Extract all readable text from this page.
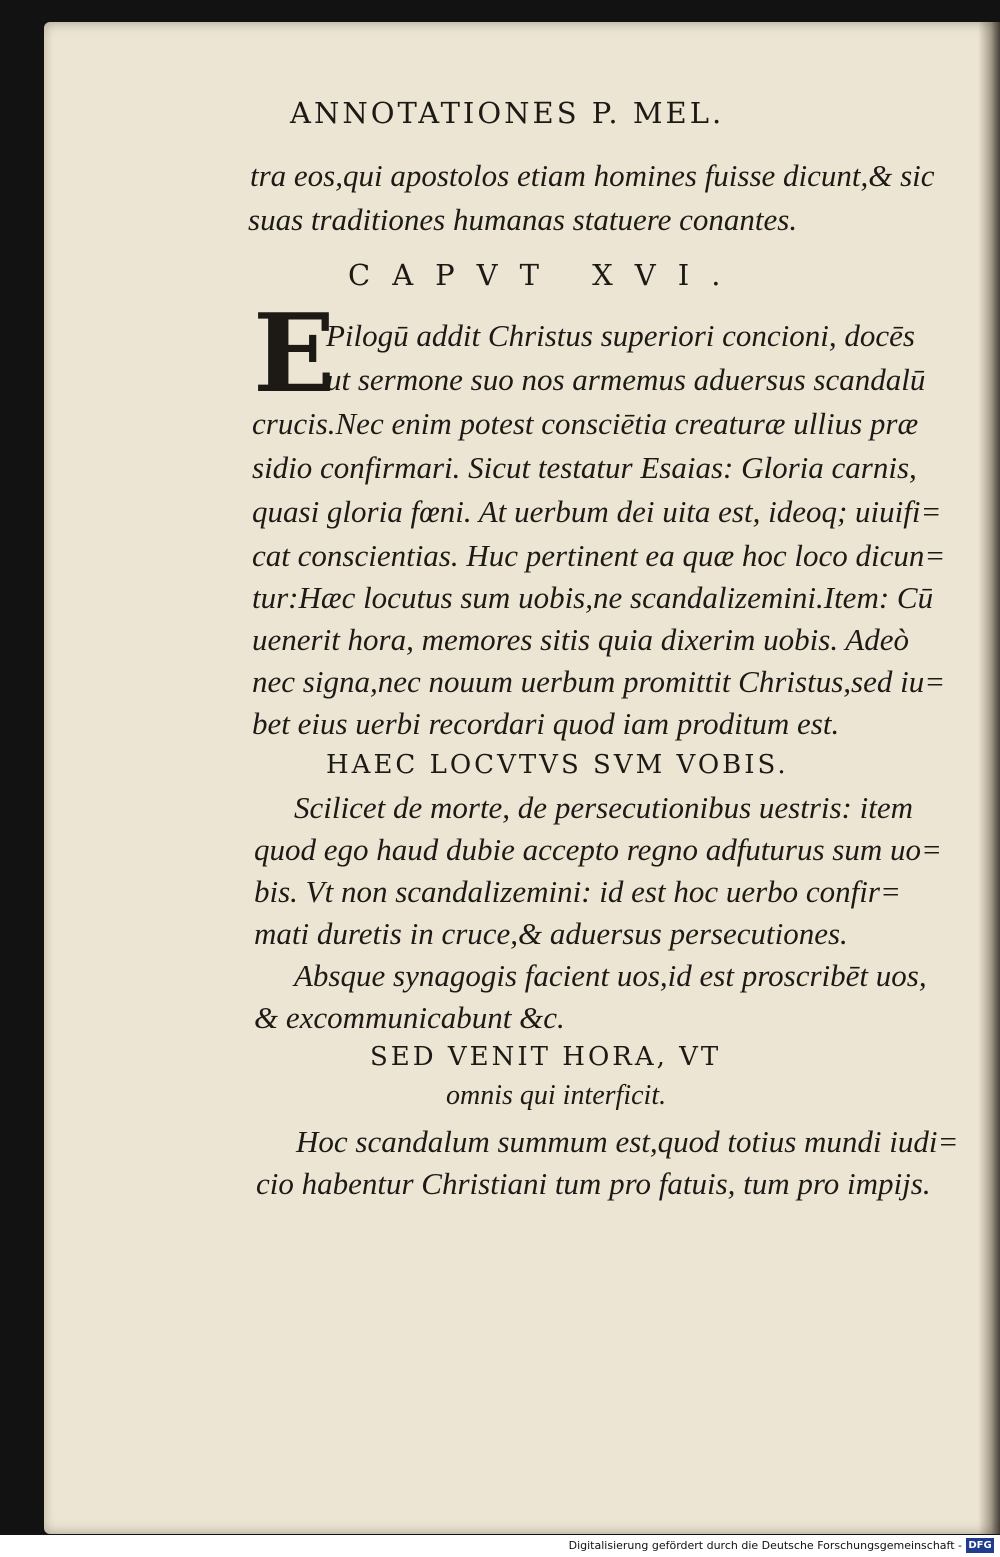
ANNOTATIONES P. MEL.
tra eos,qui apostolos etiam homines fuisse dicunt,& sic
suas traditiones humanas statuere conantes.
CAPVT XVI.
E
Pilogū addit Christus superiori concioni, docēs
ut sermone suo nos armemus aduersus scandalū
crucis.Nec enim potest consciētia creaturæ ullius præ
sidio confirmari. Sicut testatur Esaias: Gloria carnis,
quasi gloria fœni. At uerbum dei uita est, ideoq; uiuifi=
cat conscientias. Huc pertinent ea quæ hoc loco dicun=
tur:Hæc locutus sum uobis,ne scandalizemini.Item: Cū
uenerit hora, memores sitis quia dixerim uobis. Adeò
nec signa,nec nouum uerbum promittit Christus,sed iu=
bet eius uerbi recordari quod iam proditum est.
HAEC LOCVTVS SVM VOBIS.
Scilicet de morte, de persecutionibus uestris: item
quod ego haud dubie accepto regno adfuturus sum uo=
bis. Vt non scandalizemini: id est hoc uerbo confir=
mati duretis in cruce,& aduersus persecutiones.
Absque synagogis facient uos,id est proscribēt uos,
& excommunicabunt &c.
SED VENIT HORA, VT
omnis qui interficit.
Hoc scandalum summum est,quod totius mundi iudi=
cio habentur Christiani tum pro fatuis, tum pro impijs.
Digitalisierung gefördert durch die Deutsche Forschungsgemeinschaft - DFG
